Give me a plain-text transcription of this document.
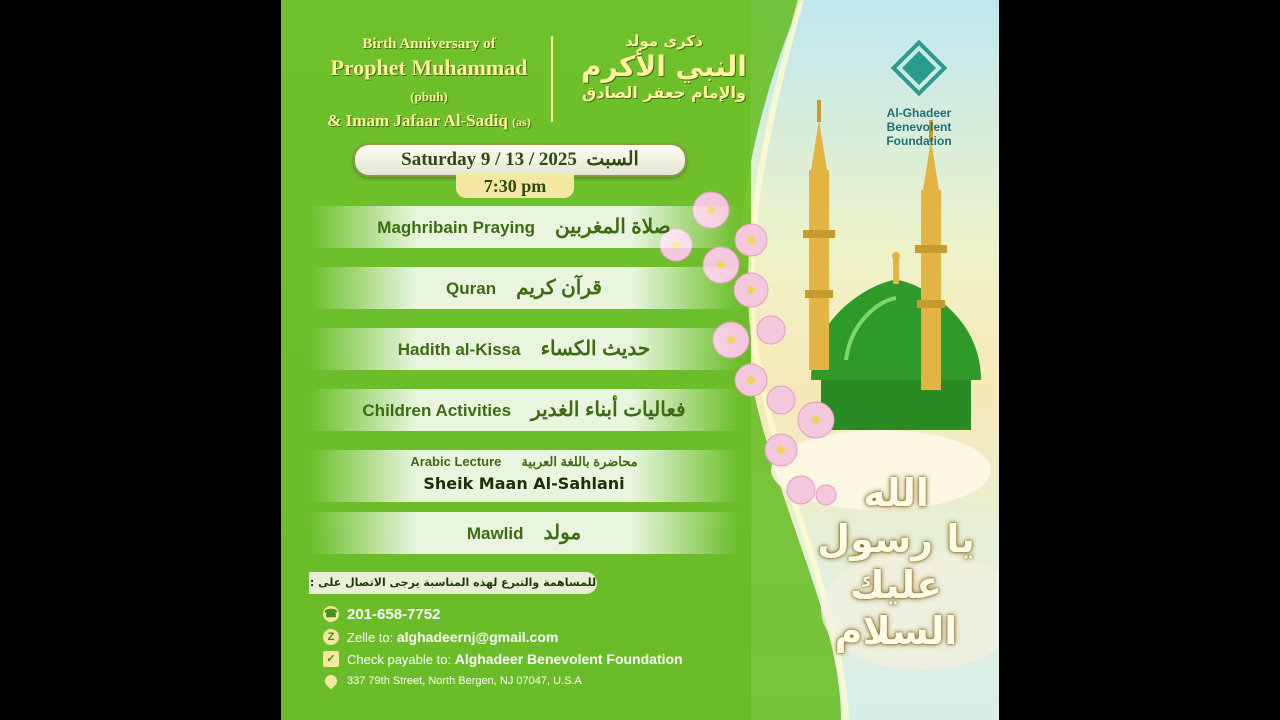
Birth Anniversary of
Prophet Muhammad (pbuh)
& Imam Jafaar Al-Sadiq (as)
ذكرى مولد
النبي الأكرم
والإمام جعفر الصادق
Al-Ghadeer
Benevolent
Foundation
Saturday 9 / 13 / 2025 السبت
7:30 pm
Maghribain Praying صلاة المغربين
Quran قرآن كريم
Hadith al-Kissa حديث الكساء
Children Activities فعاليات أبناء الغدير
Arabic Lecture محاضرة باللغة العربية
Sheik Maan Al-Sahlani
Mawlid مولد
للمساهمة والتبرع لهذه المناسبة يرجى الاتصال على :
☎ 201-658-7752
Z Zelle to:
alghadeernj@gmail.com
✓ Check payable to:
Alghadeer Benevolent Foundation
337 79th Street, North Bergen, NJ 07047, U.S.A
الله
يا رسول
عليك
السلام
